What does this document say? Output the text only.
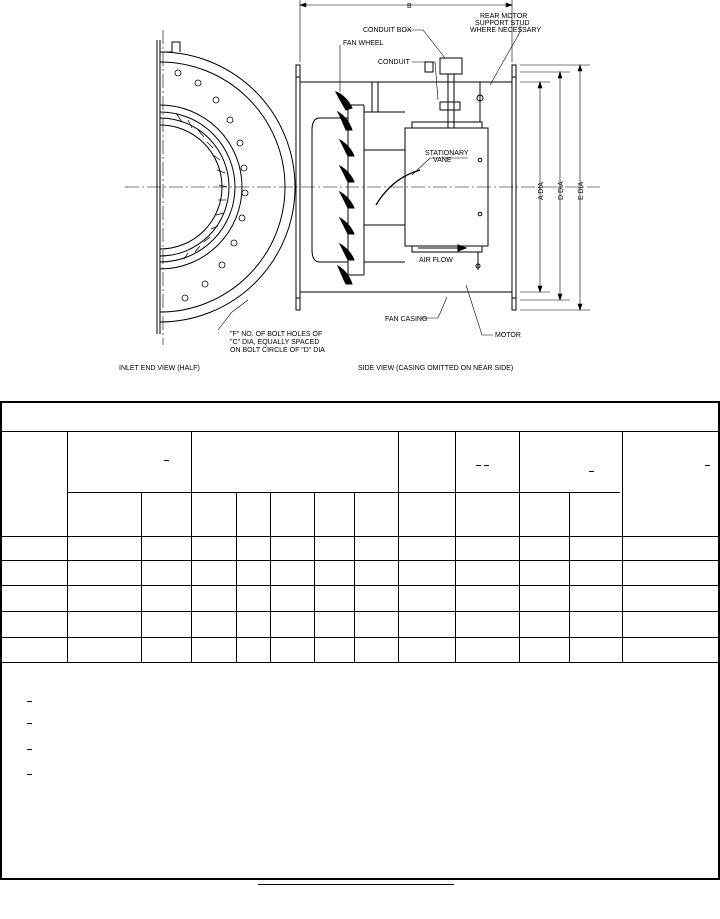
B
CONDUIT BOX
REAR MOTOR
SUPPORT STUD
WHERE NECESSARY
FAN WHEEL
CONDUIT
STATIONARY
VANE
AIR FLOW
FAN CASING
MOTOR
A DIA D DIA E DIA
"F" NO. OF BOLT HOLES OF
"C" DIA, EQUALLY SPACED
ON BOLT CIRCLE OF "D" DIA
INLET END VIEW (HALF)	SIDE VIEW (CASING OMITTED ON NEAR SIDE)
